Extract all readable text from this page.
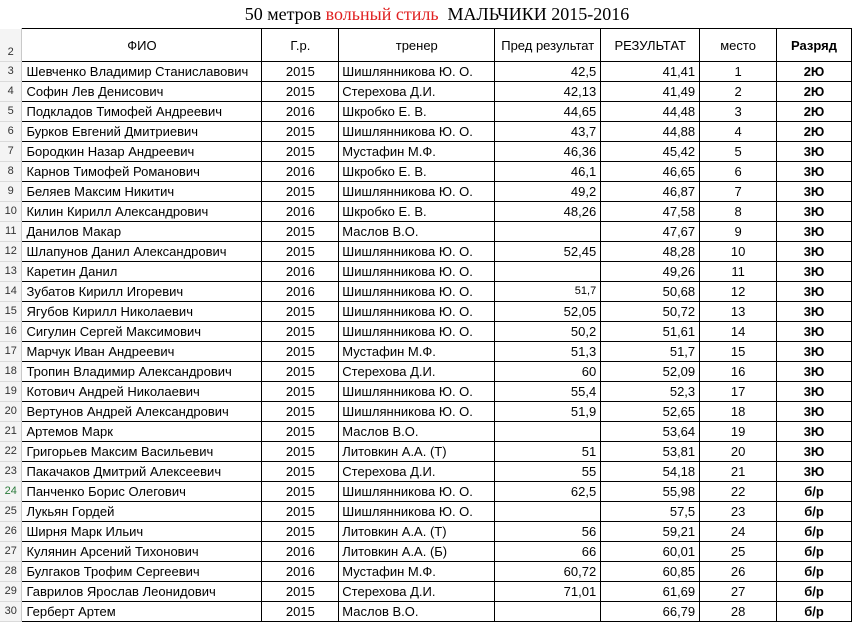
50 метров вольный стиль  МАЛЬЧИКИ 2015-2016
2	ФИО	Г.р.	тренер	Пред результат	РЕЗУЛЬТАТ	место	Разряд
3	Шевченко Владимир Станиславович	2015	Шишлянникова Ю. О.	42,5	41,41	1	2Ю
4	Софин Лев Денисович	2015	Стерехова Д.И.	42,13	41,49	2	2Ю
5	Подкладов Тимофей Андреевич	2016	Шкробко Е. В.	44,65	44,48	3	2Ю
6	Бурков Евгений Дмитриевич	2015	Шишлянникова Ю. О.	43,7	44,88	4	2Ю
7	Бородкин Назар Андреевич	2015	Мустафин М.Ф.	46,36	45,42	5	3Ю
8	Карнов Тимофей Романович	2016	Шкробко Е. В.	46,1	46,65	6	3Ю
9	Беляев Максим Никитич	2015	Шишлянникова Ю. О.	49,2	46,87	7	3Ю
10	Килин Кирилл Александрович	2016	Шкробко Е. В.	48,26	47,58	8	3Ю
11	Данилов Макар	2015	Маслов В.О.		47,67	9	3Ю
12	Шлапунов Данил Александрович	2015	Шишлянникова Ю. О.	52,45	48,28	10	3Ю
13	Каретин Данил	2016	Шишлянникова Ю. О.		49,26	11	3Ю
14	Зубатов Кирилл Игоревич	2016	Шишлянникова Ю. О.	51,7	50,68	12	3Ю
15	Ягубов Кирилл Николаевич	2015	Шишлянникова Ю. О.	52,05	50,72	13	3Ю
16	Сигулин Сергей Максимович	2015	Шишлянникова Ю. О.	50,2	51,61	14	3Ю
17	Марчук Иван Андреевич	2015	Мустафин М.Ф.	51,3	51,7	15	3Ю
18	Тропин Владимир Александрович	2015	Стерехова Д.И.	60	52,09	16	3Ю
19	Котович Андрей Николаевич	2015	Шишлянникова Ю. О.	55,4	52,3	17	3Ю
20	Вертунов Андрей Александрович	2015	Шишлянникова Ю. О.	51,9	52,65	18	3Ю
21	Артемов Марк	2015	Маслов В.О.		53,64	19	3Ю
22	Григорьев Максим Васильевич	2015	Литовкин А.А. (Т)	51	53,81	20	3Ю
23	Пакачаков Дмитрий Алексеевич	2015	Стерехова Д.И.	55	54,18	21	3Ю
24	Панченко Борис Олегович	2015	Шишлянникова Ю. О.	62,5	55,98	22	б/р
25	Лукьян Гордей	2015	Шишлянникова Ю. О.		57,5	23	б/р
26	Ширня Марк Ильич	2015	Литовкин А.А. (Т)	56	59,21	24	б/р
27	Кулянин Арсений Тихонович	2016	Литовкин А.А. (Б)	66	60,01	25	б/р
28	Булгаков Трофим Сергеевич	2016	Мустафин М.Ф.	60,72	60,85	26	б/р
29	Гаврилов Ярослав Леонидович	2015	Стерехова Д.И.	71,01	61,69	27	б/р
30	Герберт Артем	2015	Маслов В.О.		66,79	28	б/р
